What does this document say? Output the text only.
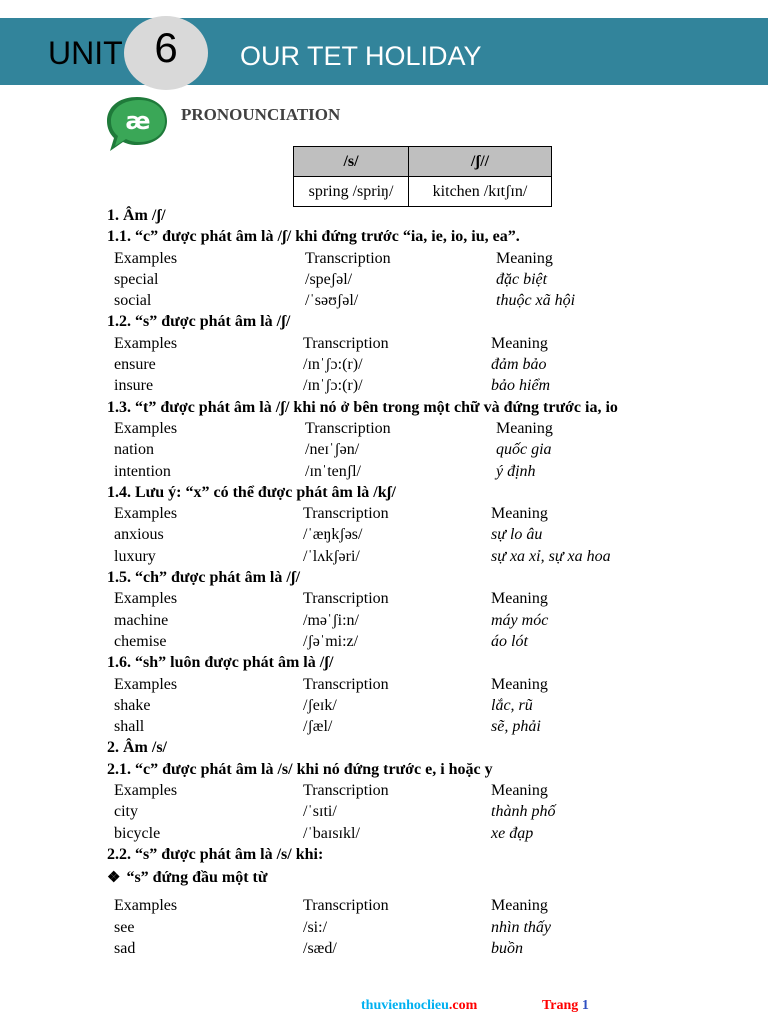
UNIT 6	OUR TET HOLIDAY
æ PRONOUNCIATION
/s/	/ʃ//
spring /spriŋ/	kitchen /kɪtʃɪn/
1. Âm /ʃ/
1.1. “c” được phát âm là /ʃ/ khi đứng trước “ia, ie, io, iu, ea”.
Examples	Transcription	Meaning
special	/speʃəl/	đặc biệt
social	/ˈsəʊʃəl/	thuộc xã hội
1.2. “s” được phát âm là /ʃ/
Examples	Transcription	Meaning
ensure	/ɪnˈʃɔ:(r)/	đảm bảo
insure	/ɪnˈʃɔ:(r)/	bảo hiểm
1.3. “t” được phát âm là /ʃ/ khi nó ở bên trong một chữ và đứng trước ia, io
Examples	Transcription	Meaning
nation	/neɪˈʃən/	quốc gia
intention	/ɪnˈtenʃl/	ý định
1.4. Lưu ý: “x” có thể được phát âm là /kʃ/
Examples	Transcription	Meaning
anxious	/ˈæŋkʃəs/	sự lo âu
luxury	/ˈlʌkʃəri/	sự xa xỉ, sự xa hoa
1.5. “ch” được phát âm là /ʃ/
Examples	Transcription	Meaning
machine	/məˈʃi:n/	máy móc
chemise	/ʃəˈmi:z/	áo lót
1.6. “sh” luôn được phát âm là /ʃ/
Examples	Transcription	Meaning
shake	/ʃeɪk/	lắc, rũ
shall	/ʃæl/	sẽ, phải
2. Âm /s/
2.1. “c” được phát âm là /s/ khi nó đứng trước e, i hoặc y
Examples	Transcription	Meaning
city	/ˈsɪti/	thành phố
bicycle	/ˈbaɪsɪkl/	xe đạp
2.2. “s” được phát âm là /s/ khi:
❖ “s” đứng đầu một từ
Examples	Transcription	Meaning
see	/si:/	nhìn thấy
sad	/sæd/	buồn
thuvienhoclieu.com	Trang 1
